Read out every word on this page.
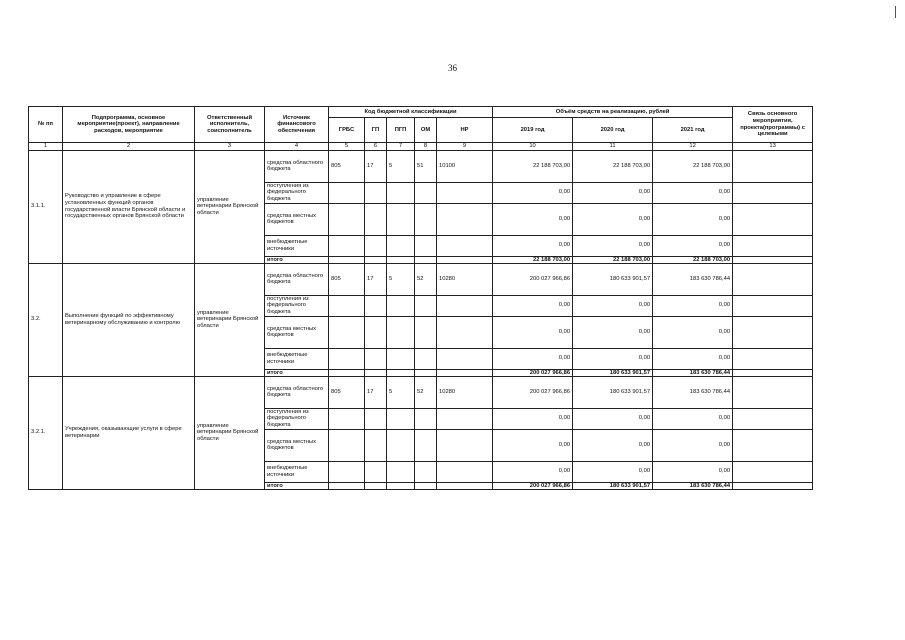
36
№ пп	Подпрограмма, основное мероприятие(проект), направление расходов, мероприятие	Ответственный исполнитель, соисполнитель	Источник финансового обеспечения	Код бюджетной классификации					Объём средств на реализацию, рублей			Связь основного мероприятия, проекта(программы) с целевыми
				ГРБС	ГП	ПГП	ОМ	НР	2019 год	2020 год	2021 год	
1	2	3	4	5	6	7	8	9	10	11	12	13
3.1.1.	Руководство и управление в сфере установленных функций органов государственной власти Брянской области и государственных органов Брянской области	управление ветеринарии Брянской области	средства областного бюджета	805	17	5	51	10100	22 188 703,00	22 188 703,00	22 188 703,00	
			поступления из федерального бюджета						0,00	0,00	0,00	
			средства местных бюджетов						0,00	0,00	0,00	
			внебюджетные источники						0,00	0,00	0,00	
			итого						22 188 703,00	22 188 703,00	22 188 703,00	
3.2.	Выполнение функций по эффективному ветеринарному обслуживанию и контролю	управление ветеринарии Брянской области	средства областного бюджета	805	17	5	52	10280	200 027 966,86	180 633 901,57	183 630 786,44	
			поступления из федерального бюджета						0,00	0,00	0,00	
			средства местных бюджетов						0,00	0,00	0,00	
			внебюджетные источники						0,00	0,00	0,00	
			итого						200 027 966,86	180 633 901,57	183 630 786,44	
3.2.1.	Учреждения, оказывающие услуги в сфере ветеринарии	управление ветеринарии Брянской области	средства областного бюджета	805	17	5	52	10280	200 027 966,86	180 633 901,57	183 630 786,44	
			поступления из федерального бюджета						0,00	0,00	0,00	
			средства местных бюджетов						0,00	0,00	0,00	
			внебюджетные источники						0,00	0,00	0,00	
			итого						200 027 966,86	180 633 901,57	183 630 786,44	
